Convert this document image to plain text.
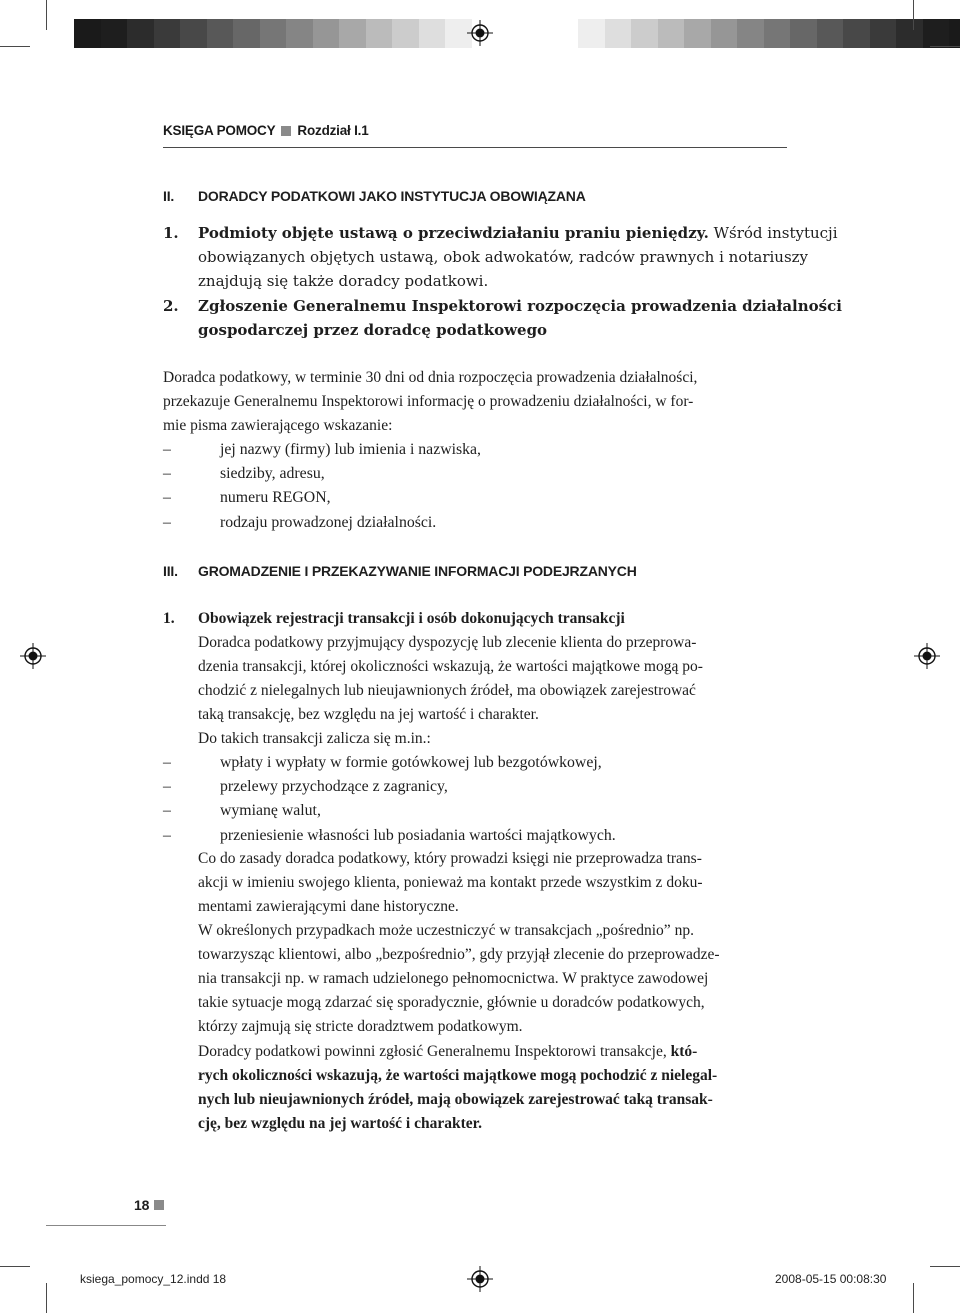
KSIĘGA POMOCY Rozdział I.1
II. DORADCY PODATKOWI JAKO INSTYTUCJA OBOWIĄZANA
1. Podmioty objęte ustawą o przeciwdziałaniu praniu pieniędzy. Wśród instytucji
obowiązanych objętych ustawą, obok adwokatów, radców prawnych i notariuszy
znajdują się także doradcy podatkowi.
2. Zgłoszenie Generalnemu Inspektorowi rozpoczęcia prowadzenia działalności
gospodarczej przez doradcę podatkowego
Doradca podatkowy, w terminie 30 dni od dnia rozpoczęcia prowadzenia działalności,
przekazuje Generalnemu Inspektorowi informację o prowadzeniu działalności, w for-
mie pisma zawierającego wskazanie:
– jej nazwy (firmy) lub imienia i nazwiska,
– siedziby, adresu,
– numeru REGON,
– rodzaju prowadzonej działalności.
III. GROMADZENIE I PRZEKAZYWANIE INFORMACJI PODEJRZANYCH
1. Obowiązek rejestracji transakcji i osób dokonujących transakcji
Doradca podatkowy przyjmujący dyspozycję lub zlecenie klienta do przeprowa-
dzenia transakcji, której okoliczności wskazują, że wartości majątkowe mogą po-
chodzić z nielegalnych lub nieujawnionych źródeł, ma obowiązek zarejestrować
taką transakcję, bez względu na jej wartość i charakter.
Do takich transakcji zalicza się m.in.:
– wpłaty i wypłaty w formie gotówkowej lub bezgotówkowej,
– przelewy przychodzące z zagranicy,
– wymianę walut,
– przeniesienie własności lub posiadania wartości majątkowych.
Co do zasady doradca podatkowy, który prowadzi księgi nie przeprowadza trans-
akcji w imieniu swojego klienta, ponieważ ma kontakt przede wszystkim z doku-
mentami zawierającymi dane historyczne.
W określonych przypadkach może uczestniczyć w transakcjach „pośrednio” np.
towarzysząc klientowi, albo „bezpośrednio”, gdy przyjął zlecenie do przeprowadze-
nia transakcji np. w ramach udzielonego pełnomocnictwa. W praktyce zawodowej
takie sytuacje mogą zdarzać się sporadycznie, głównie u doradców podatkowych,
którzy zajmują się stricte doradztwem podatkowym.
Doradcy podatkowi powinni zgłosić Generalnemu Inspektorowi transakcje, któ-
rych okoliczności wskazują, że wartości majątkowe mogą pochodzić z nielegal-
nych lub nieujawnionych źródeł, mają obowiązek zarejestrować taką transak-
cję, bez względu na jej wartość i charakter.
18
ksiega_pomocy_12.indd 18	2008-05-15 00:08:30
